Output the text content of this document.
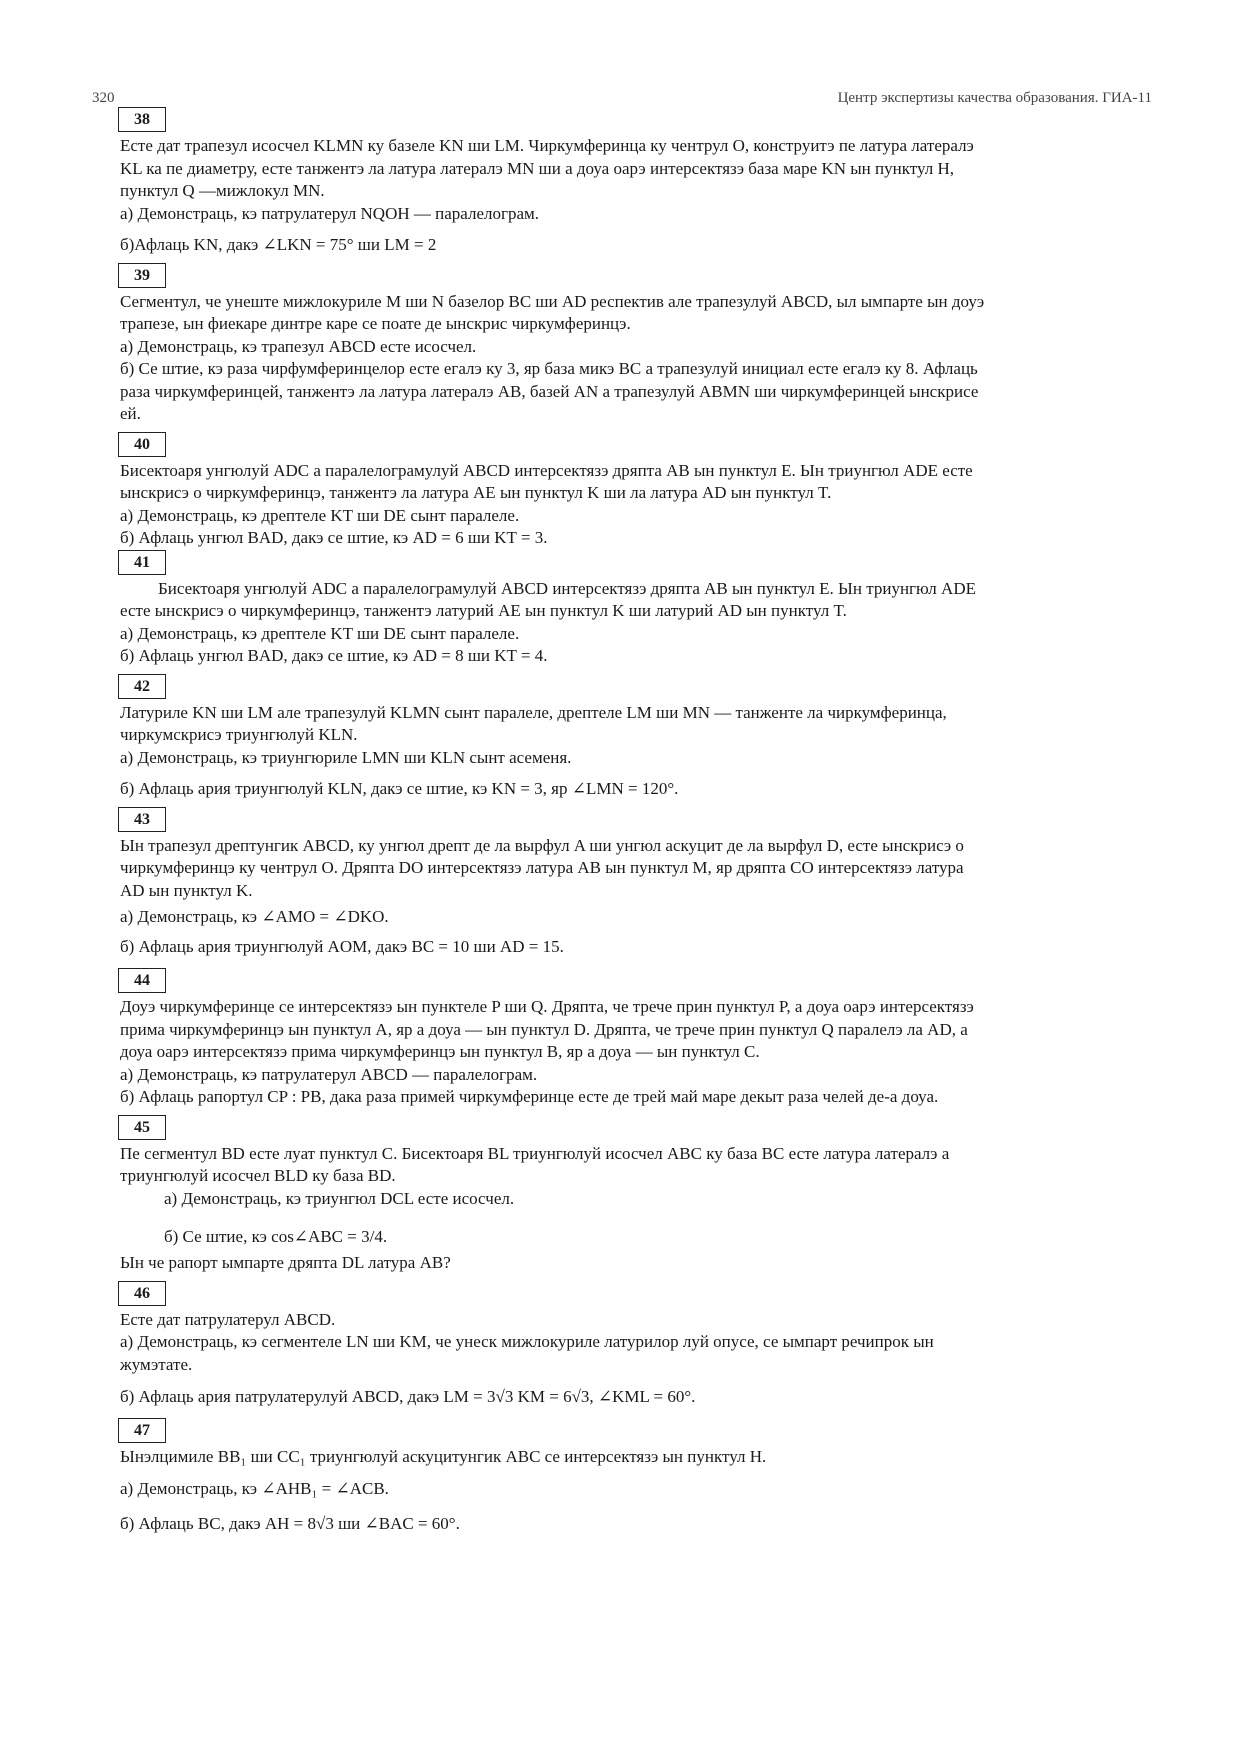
320	Центр экспертизы качества образования. ГИА-11
38

Есте дат трапезул исосчел KLMN ку базеле KN ши LM. Чиркумферинца ку чентрул O, конструитэ пе латура латералэ

KL ка пе диаметру, есте танжентэ ла латура латералэ MN ши а доуа оарэ интерсектязэ база маре KN ын пунктул H,

пунктул Q —мижлокул MN.

а) Демонстраць, кэ патрулатерул NQOH — паралелограм.

б)Афлаць KN, дакэ ∠LKN = 75° ши LM = 2

39

Сегментул, че унеште мижлокуриле M ши N базелор BC ши AD респектив але трапезулуй ABCD, ыл ымпарте ын доуэ

трапезе, ын фиекаре динтре каре се поате де ынскрис чиркумферинцэ.

а) Демонстраць, кэ трапезул ABCD есте исосчел.

б) Се штие, кэ раза чирфумферинцелор есте егалэ ку 3, яр база микэ BC а трапезулуй инициал есте егалэ ку 8. Афлаць

раза чиркумферинцей, танжентэ ла латура латералэ AB, базей AN а трапезулуй ABMN ши чиркумферинцей ынскрисе

ей.

40

Бисектоаря унгюлуй ADC а паралелограмулуй ABCD интерсектязэ дряпта AB ын пунктул E. Ын триунгюл ADE есте

ынскрисэ о чиркумферинцэ, танжентэ ла латура AE ын пунктул K ши ла латура AD ын пунктул T.

а) Демонстраць, кэ дрептеле KT ши DE сынт паралеле.

б) Афлаць унгюл BAD, дакэ се штие, кэ AD = 6 ши KT = 3.

41

Бисектоаря унгюлуй ADC а паралелограмулуй ABCD интерсектязэ дряпта AB ын пунктул E. Ын триунгюл ADE

есте ынскрисэ о чиркумферинцэ, танжентэ латурий AE ын пунктул K ши латурий AD ын пунктул T.

а) Демонстраць, кэ дрептеле KT ши DE сынт паралеле.

б) Афлаць унгюл BAD, дакэ се штие, кэ AD = 8 ши KT = 4.

42

Латуриле KN ши LM але трапезулуй KLMN сынт паралеле, дрептеле LM ши MN — танженте ла чиркумферинца,

чиркумскрисэ триунгюлуй KLN.

а) Демонстраць, кэ триунгюриле LMN ши KLN сынт асеменя.

б) Афлаць ария триунгюлуй KLN, дакэ се штие, кэ KN = 3, яр ∠LMN = 120°.

43

Ын трапезул дрептунгик ABCD, ку унгюл дрепт де ла вырфул A ши унгюл аскуцит де ла вырфул D, есте ынскрисэ о

чиркумферинцэ ку чентрул O. Дряпта DO интерсектязэ латура AB ын пунктул M, яр дряпта CO интерсектязэ латура

AD ын пунктул K.

а) Демонстраць, кэ ∠AMO = ∠DKO.

б) Афлаць ария триунгюлуй AOM, дакэ BC = 10 ши AD = 15.

44

Доуэ чиркумферинце се интерсектязэ ын пунктеле P ши Q. Дряпта, че трече прин пунктул P, а доуа оарэ интерсектязэ

прима чиркумферинцэ ын пунктул A, яр а доуа — ын пунктул D. Дряпта, че трече прин пунктул Q паралелэ ла AD, а

доуа оарэ интерсектязэ прима чиркумферинцэ ын пунктул B, яр а доуа — ын пунктул C.

а) Демонстраць, кэ патрулатерул ABCD — паралелограм.

б) Афлаць рапортул CP : PB, дака раза примей чиркумферинце есте де трей май маре декыт раза челей де-а доуа.

45

Пе сегментул BD есте луат пунктул C. Бисектоаря BL триунгюлуй исосчел ABC ку база BC есте латура латералэ а

триунгюлуй исосчел BLD ку база BD.

а) Демонстраць, кэ триунгюл DCL есте исосчел.

б) Се штие, кэ cos∠ABC = 3/4.

Ын че рапорт ымпарте дряпта DL латура AB?

46

Есте дат патрулатерул ABCD.

а) Демонстраць, кэ сегментеле LN ши KM, че унеск мижлокуриле латурилор луй опусе, се ымпарт речипрок ын

жумэтате.

б) Афлаць ария патрулатерулуй ABCD, дакэ LM = 3√3 KM = 6√3, ∠KML = 60°.

47

Ынэлцимиле BB₁ ши CC₁ триунгюлуй аскуцитунгик ABC се интерсектязэ ын пунктул H.

а) Демонстраць, кэ ∠AHB₁ = ∠ACB.

б) Афлаць BC, дакэ AH = 8√3 ши ∠BAC = 60°.
